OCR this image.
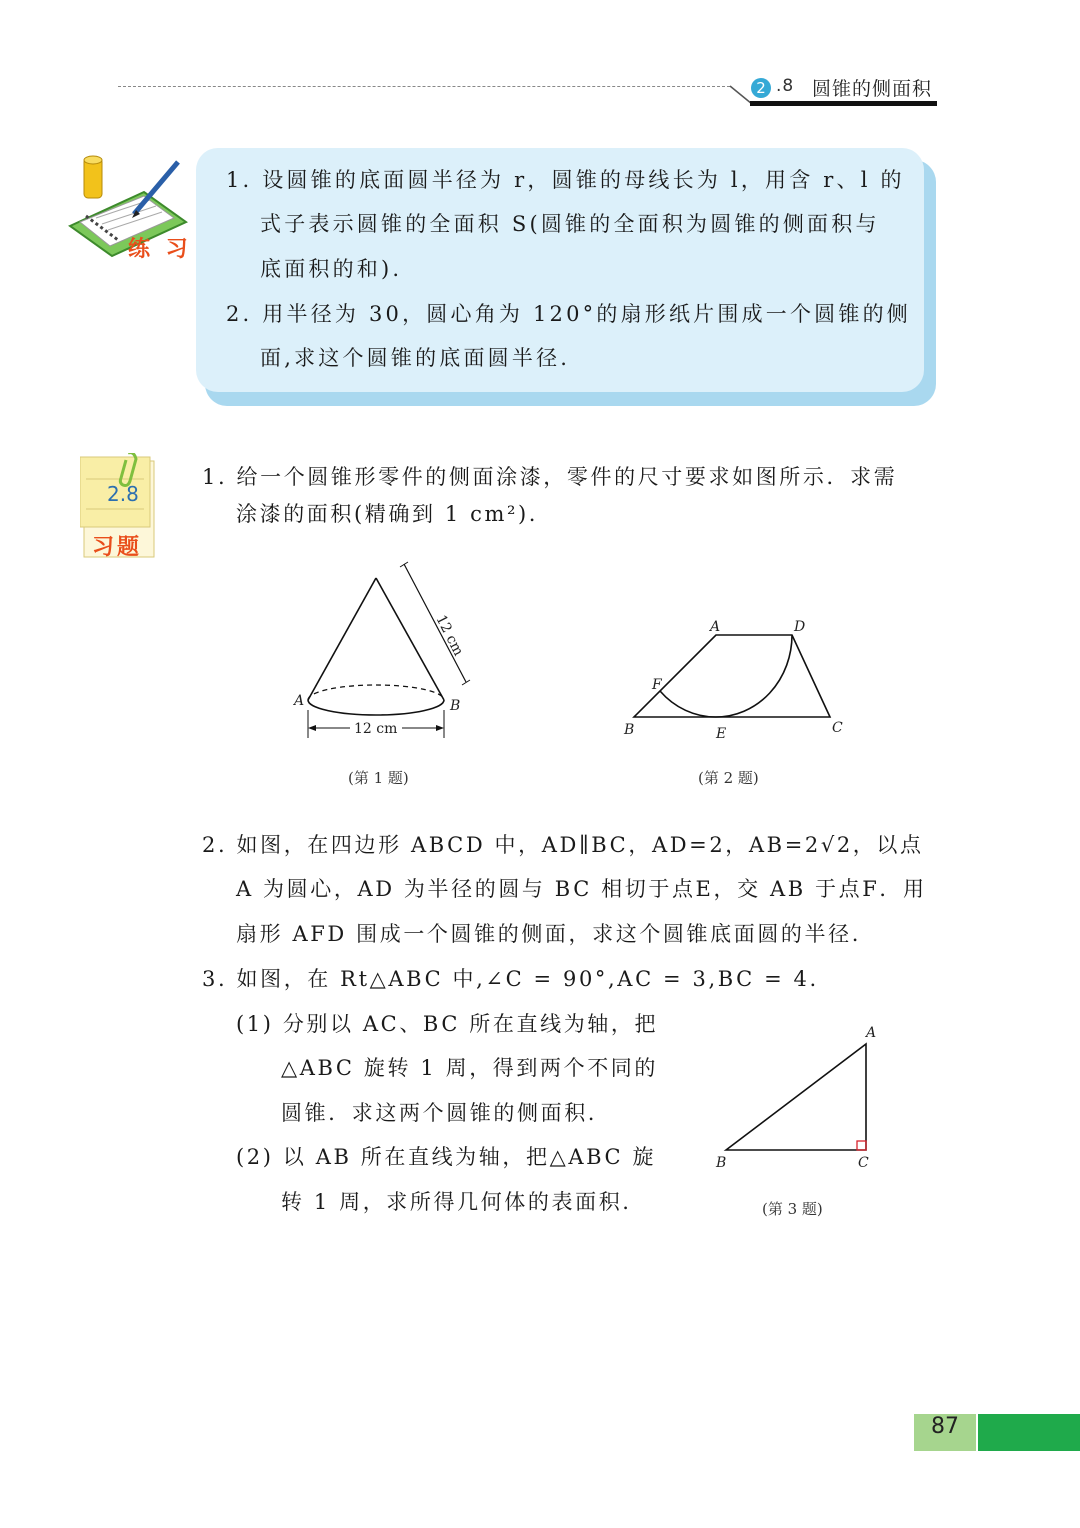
2 .8 圆锥的侧面积
练 习
1. 设圆锥的底面圆半径为 r，圆锥的母线长为 l，用含 r、l 的
式子表示圆锥的全面积 S(圆锥的全面积为圆锥的侧面积与
底面积的和).
2. 用半径为 30，圆心角为 120°的扇形纸片围成一个圆锥的侧
面,求这个圆锥的底面圆半径.
2.8
习题
1. 给一个圆锥形零件的侧面涂漆，零件的尺寸要求如图所示．求需
涂漆的面积(精确到 1 cm²).
12 cm
12 cm
A	B
(第 1 题)
A	D
F
B	E	C
(第 2 题)
2. 如图，在四边形 ABCD 中，AD∥BC，AD=2，AB=2√2，以点
A 为圆心，AD 为半径的圆与 BC 相切于点E，交 AB 于点F．用
扇形 AFD 围成一个圆锥的侧面，求这个圆锥底面圆的半径.
3. 如图，在 Rt△ABC 中,∠C = 90°,AC = 3,BC = 4.
(1) 分别以 AC、BC 所在直线为轴，把
△ABC 旋转 1 周，得到两个不同的
圆锥．求这两个圆锥的侧面积.
(2) 以 AB 所在直线为轴，把△ABC 旋
转 1 周，求所得几何体的表面积.
A
B	C
(第 3 题)
87
